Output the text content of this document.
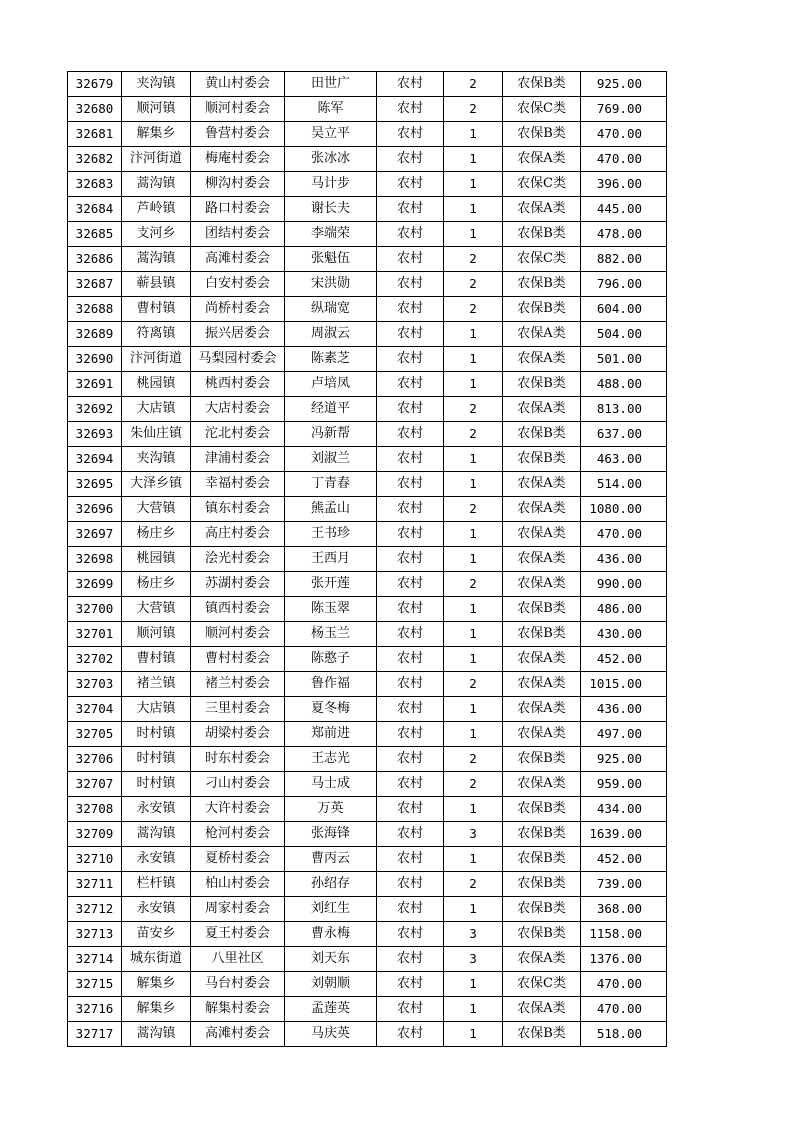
32679	夹沟镇	黄山村委会	田世广	农村	2	农保B类	925.00
32680	顺河镇	顺河村委会	陈军	农村	2	农保C类	769.00
32681	解集乡	鲁营村委会	吴立平	农村	1	农保B类	470.00
32682	汴河街道	梅庵村委会	张冰冰	农村	1	农保A类	470.00
32683	蒿沟镇	柳沟村委会	马计步	农村	1	农保C类	396.00
32684	芦岭镇	路口村委会	谢长夫	农村	1	农保A类	445.00
32685	支河乡	团结村委会	李端荣	农村	1	农保B类	478.00
32686	蒿沟镇	高滩村委会	张魁伍	农村	2	农保C类	882.00
32687	蕲县镇	白安村委会	宋洪勋	农村	2	农保B类	796.00
32688	曹村镇	尚桥村委会	纵瑞宽	农村	2	农保B类	604.00
32689	符离镇	振兴居委会	周淑云	农村	1	农保A类	504.00
32690	汴河街道	马梨园村委会	陈素芝	农村	1	农保A类	501.00
32691	桃园镇	桃西村委会	卢培凤	农村	1	农保B类	488.00
32692	大店镇	大店村委会	经道平	农村	2	农保A类	813.00
32693	朱仙庄镇	沱北村委会	冯新帮	农村	2	农保B类	637.00
32694	夹沟镇	津浦村委会	刘淑兰	农村	1	农保B类	463.00
32695	大泽乡镇	幸福村委会	丁青春	农村	1	农保A类	514.00
32696	大营镇	镇东村委会	熊孟山	农村	2	农保A类	1080.00
32697	杨庄乡	高庄村委会	王书珍	农村	1	农保A类	470.00
32698	桃园镇	浍光村委会	王西月	农村	1	农保A类	436.00
32699	杨庄乡	苏湖村委会	张开莲	农村	2	农保A类	990.00
32700	大营镇	镇西村委会	陈玉翠	农村	1	农保B类	486.00
32701	顺河镇	顺河村委会	杨玉兰	农村	1	农保B类	430.00
32702	曹村镇	曹村村委会	陈憨子	农村	1	农保A类	452.00
32703	褚兰镇	褚兰村委会	鲁作福	农村	2	农保A类	1015.00
32704	大店镇	三里村委会	夏冬梅	农村	1	农保A类	436.00
32705	时村镇	胡梁村委会	郑前进	农村	1	农保A类	497.00
32706	时村镇	时东村委会	王志光	农村	2	农保B类	925.00
32707	时村镇	刁山村委会	马士成	农村	2	农保A类	959.00
32708	永安镇	大许村委会	万英	农村	1	农保B类	434.00
32709	蒿沟镇	枪河村委会	张海锋	农村	3	农保B类	1639.00
32710	永安镇	夏桥村委会	曹丙云	农村	1	农保B类	452.00
32711	栏杆镇	柏山村委会	孙绍存	农村	2	农保B类	739.00
32712	永安镇	周家村委会	刘红生	农村	1	农保B类	368.00
32713	苗安乡	夏王村委会	曹永梅	农村	3	农保B类	1158.00
32714	城东街道	八里社区	刘天东	农村	3	农保A类	1376.00
32715	解集乡	马台村委会	刘朝顺	农村	1	农保C类	470.00
32716	解集乡	解集村委会	孟莲英	农村	1	农保A类	470.00
32717	蒿沟镇	高滩村委会	马庆英	农村	1	农保B类	518.00
